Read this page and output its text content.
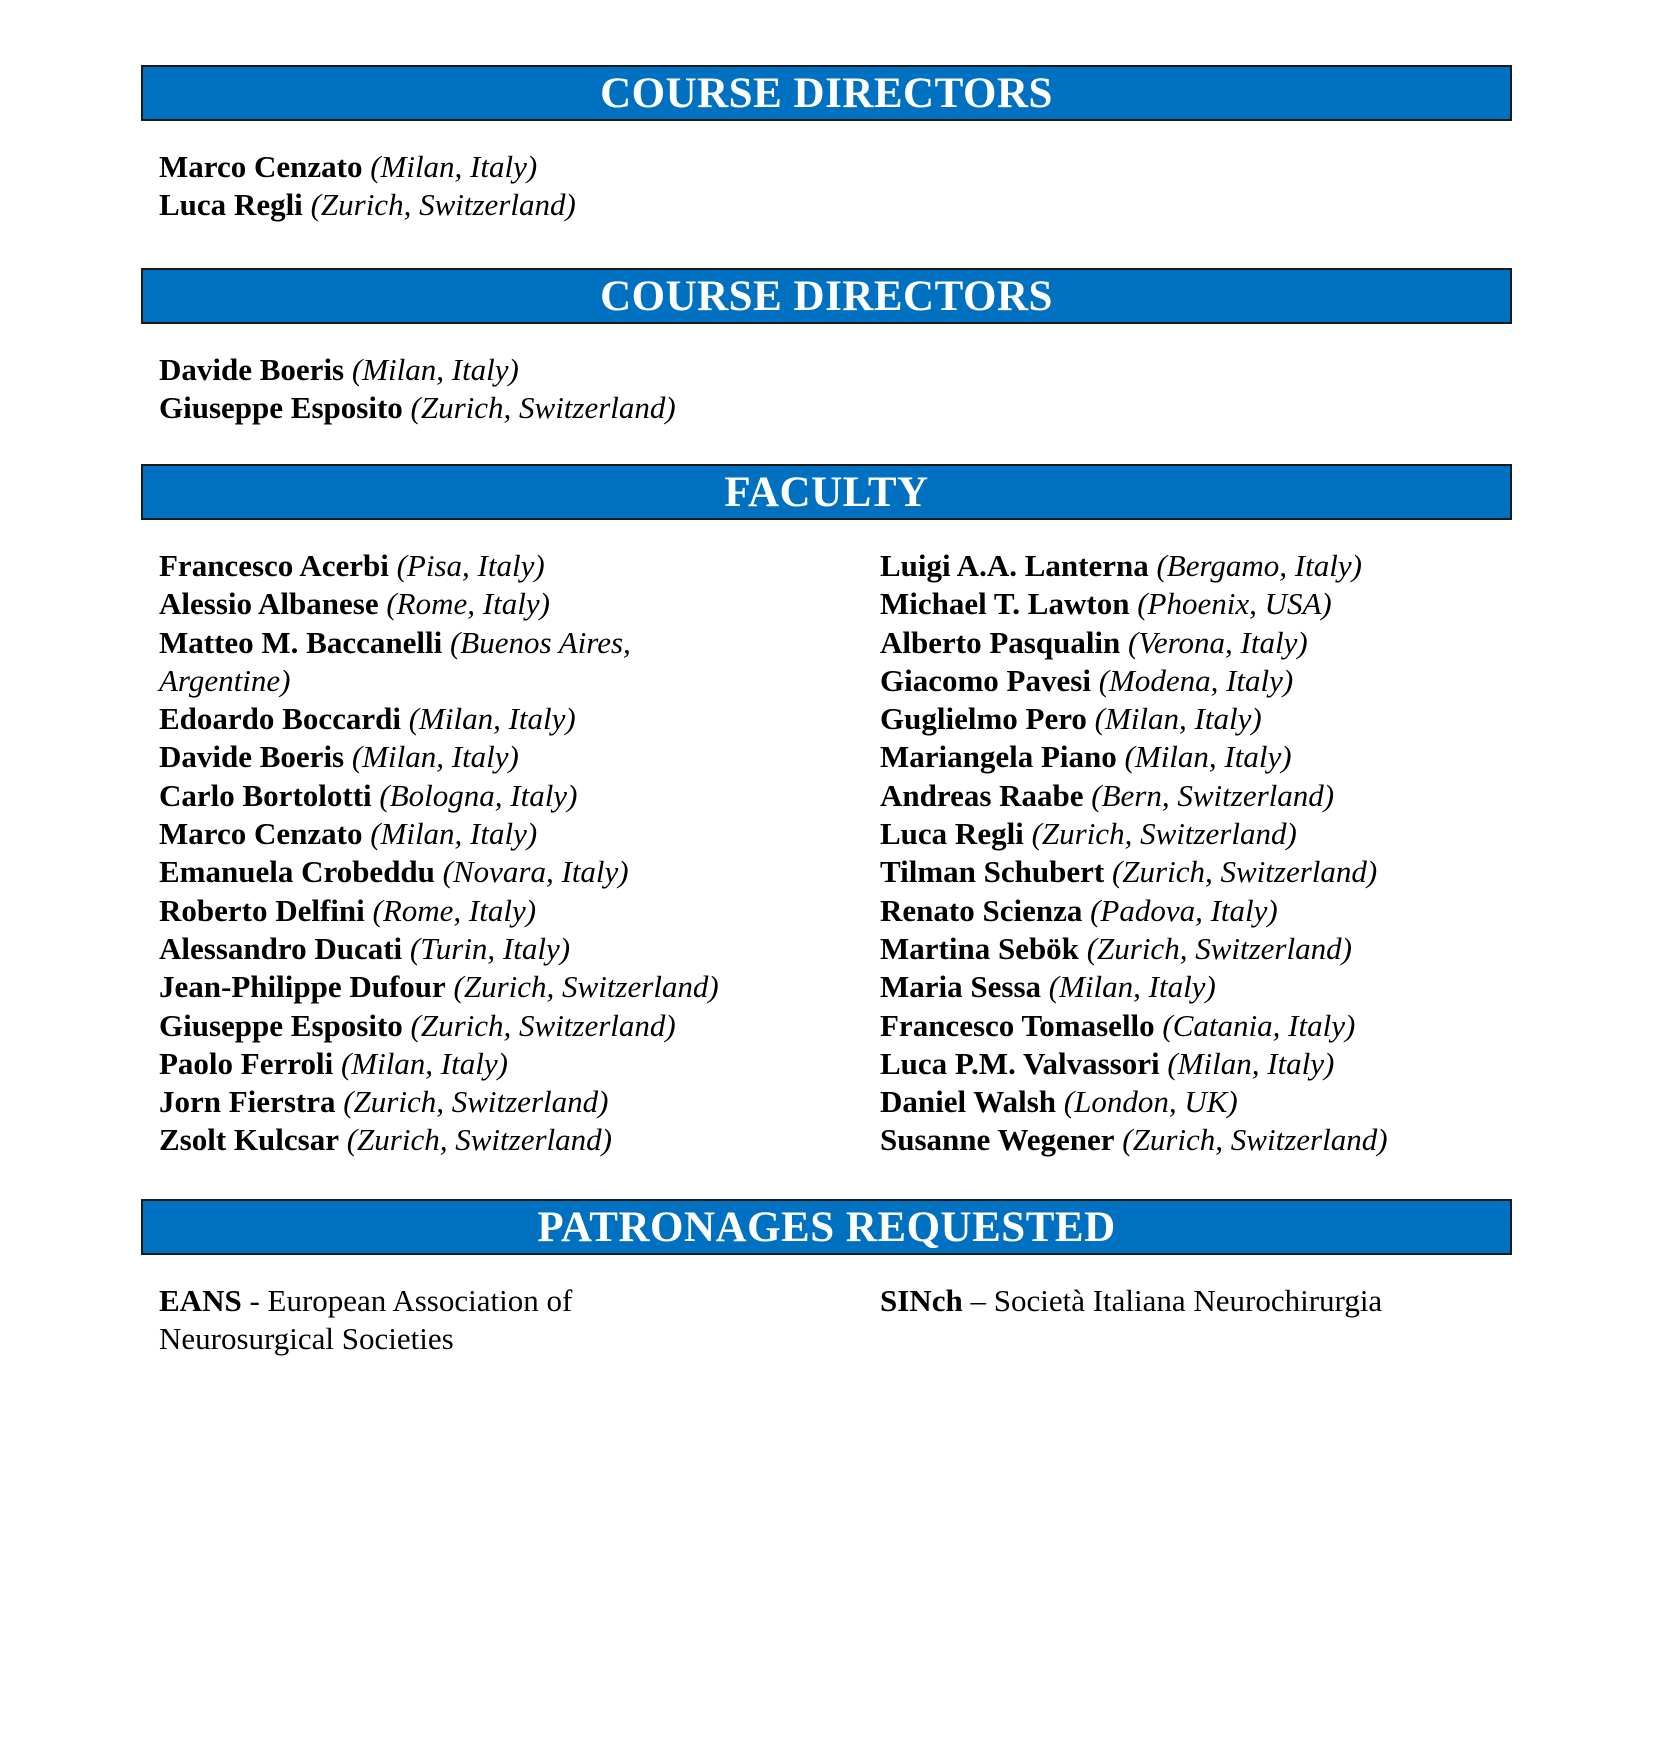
COURSE DIRECTORS
Marco Cenzato (Milan, Italy)
Luca Regli (Zurich, Switzerland)
COURSE DIRECTORS
Davide Boeris (Milan, Italy)
Giuseppe Esposito (Zurich, Switzerland)
FACULTY
Francesco Acerbi (Pisa, Italy)
Alessio Albanese (Rome, Italy)
Matteo M. Baccanelli (Buenos Aires, Argentine)
Edoardo Boccardi (Milan, Italy)
Davide Boeris (Milan, Italy)
Carlo Bortolotti (Bologna, Italy)
Marco Cenzato (Milan, Italy)
Emanuela Crobeddu (Novara, Italy)
Roberto Delfini (Rome, Italy)
Alessandro Ducati (Turin, Italy)
Jean-Philippe Dufour (Zurich, Switzerland)
Giuseppe Esposito (Zurich, Switzerland)
Paolo Ferroli (Milan, Italy)
Jorn Fierstra (Zurich, Switzerland)
Zsolt Kulcsar (Zurich, Switzerland)
Luigi A.A. Lanterna (Bergamo, Italy)
Michael T. Lawton (Phoenix, USA)
Alberto Pasqualin (Verona, Italy)
Giacomo Pavesi (Modena, Italy)
Guglielmo Pero (Milan, Italy)
Mariangela Piano (Milan, Italy)
Andreas Raabe (Bern, Switzerland)
Luca Regli (Zurich, Switzerland)
Tilman Schubert (Zurich, Switzerland)
Renato Scienza (Padova, Italy)
Martina Sebök (Zurich, Switzerland)
Maria Sessa (Milan, Italy)
Francesco Tomasello (Catania, Italy)
Luca P.M. Valvassori (Milan, Italy)
Daniel Walsh (London, UK)
Susanne Wegener (Zurich, Switzerland)
PATRONAGES REQUESTED
EANS - European Association of Neurosurgical Societies
SINch – Società Italiana Neurochirurgia
